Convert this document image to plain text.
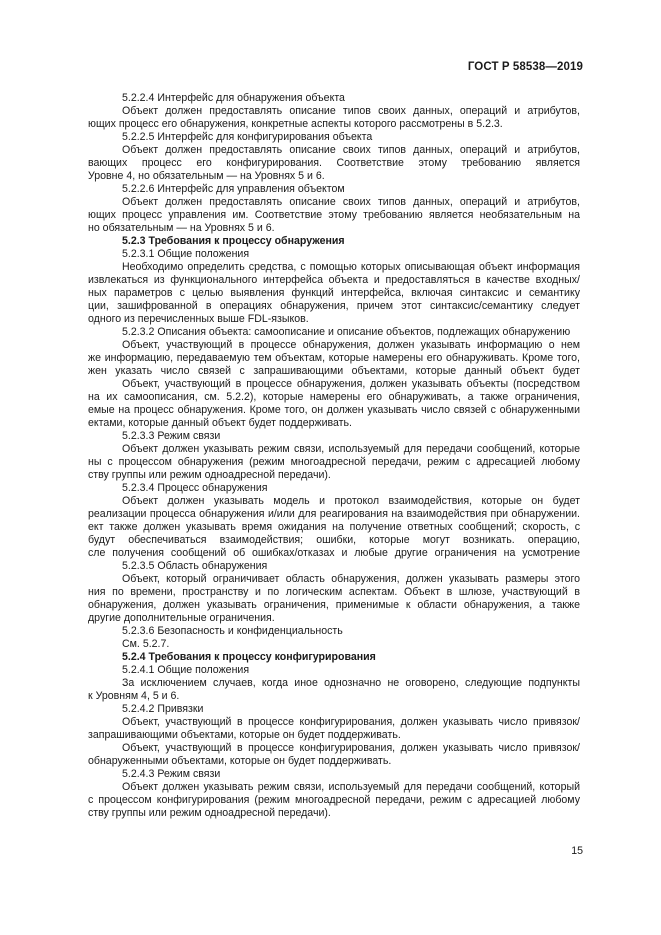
ГОСТ Р 58538—2019
5.2.2.4 Интерфейс для обнаружения объекта
Объект должен предоставлять описание типов своих данных, операций и атрибутов,
ющих процесс его обнаружения, конкретные аспекты которого рассмотрены в 5.2.3.
5.2.2.5 Интерфейс для конфигурирования объекта
Объект должен предоставлять описание своих типов данных, операций и атрибутов,
вающих процесс его конфигурирования. Соответствие этому требованию является
Уровне 4, но обязательным — на Уровнях 5 и 6.
5.2.2.6 Интерфейс для управления объектом
Объект должен предоставлять описание своих типов данных, операций и атрибутов,
ющих процесс управления им. Соответствие этому требованию является необязательным на
но обязательным — на Уровнях 5 и 6.
5.2.3 Требования к процессу обнаружения
5.2.3.1 Общие положения
Необходимо определить средства, с помощью которых описывающая объект информация
извлекаться из функционального интерфейса объекта и предоставляться в качестве входных/
ных параметров с целью выявления функций интерфейса, включая синтаксис и семантику
ции, зашифрованной в операциях обнаружения, причем этот синтаксис/семантику следует
одного из перечисленных выше FDL-языков.
5.2.3.2 Описания объекта: самоописание и описание объектов, подлежащих обнаружению
Объект, участвующий в процессе обнаружения, должен указывать информацию о нем
же информацию, передаваемую тем объектам, которые намерены его обнаруживать. Кроме того,
жен указать число связей с запрашивающими объектами, которые данный объект будет
Объект, участвующий в процессе обнаружения, должен указывать объекты (посредством
на их самоописания, см. 5.2.2), которые намерены его обнаруживать, а также ограничения,
емые на процесс обнаружения. Кроме того, он должен указывать число связей с обнаруженными
ектами, которые данный объект будет поддерживать.
5.2.3.3 Режим связи
Объект должен указывать режим связи, используемый для передачи сообщений, которые
ны с процессом обнаружения (режим многоадресной передачи, режим с адресацией любому
ству группы или режим одноадресной передачи).
5.2.3.4 Процесс обнаружения
Объект должен указывать модель и протокол взаимодействия, которые он будет
реализации процесса обнаружения и/или для реагирования на взаимодействия при обнаружении.
ект также должен указывать время ожидания на получение ответных сообщений; скорость, с
будут обеспечиваться взаимодействия; ошибки, которые могут возникать. операцию,
сле получения сообщений об ошибках/отказах и любые другие ограничения на усмотрение
5.2.3.5 Область обнаружения
Объект, который ограничивает область обнаружения, должен указывать размеры этого
ния по времени, пространству и по логическим аспектам. Объект в шлюзе, участвующий в
обнаружения, должен указывать ограничения, применимые к области обнаружения, а также
другие дополнительные ограничения.
5.2.3.6 Безопасность и конфиденциальность
См. 5.2.7.
5.2.4 Требования к процессу конфигурирования
5.2.4.1 Общие положения
За исключением случаев, когда иное однозначно не оговорено, следующие подпункты
к Уровням 4, 5 и 6.
5.2.4.2 Привязки
Объект, участвующий в процессе конфигурирования, должен указывать число привязок/
запрашивающими объектами, которые он будет поддерживать.
Объект, участвующий в процессе конфигурирования, должен указывать число привязок/
обнаруженными объектами, которые он будет поддерживать.
5.2.4.3 Режим связи
Объект должен указывать режим связи, используемый для передачи сообщений, который
с процессом конфигурирования (режим многоадресной передачи, режим с адресацией любому
ству группы или режим одноадресной передачи).
15
